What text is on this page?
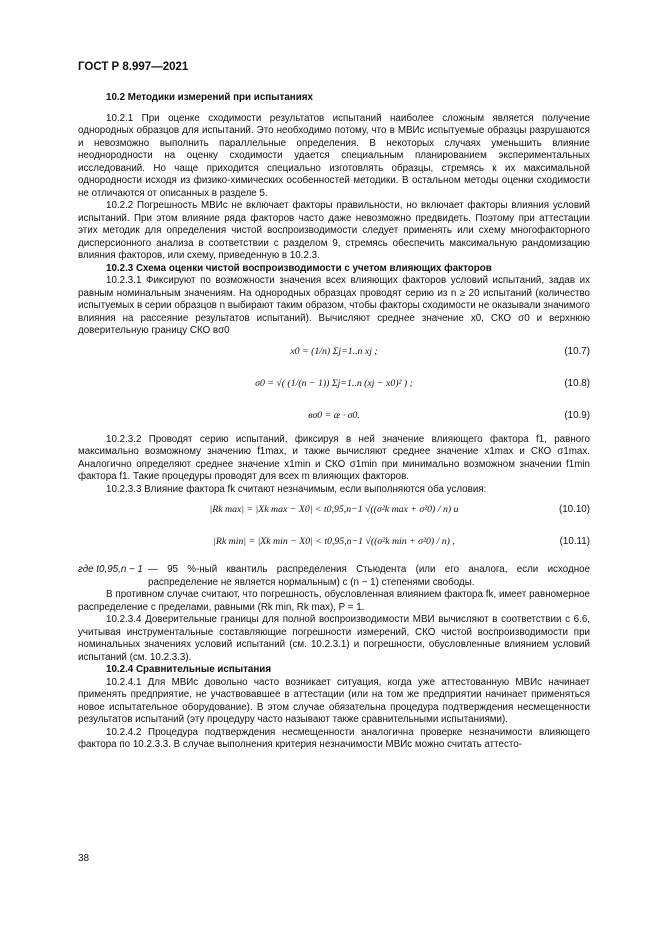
ГОСТ Р 8.997—2021
10.2 Методики измерений при испытаниях

10.2.1 При оценке сходимости результатов испытаний наиболее сложным является получение однородных образцов для испытаний. Это необходимо потому, что в МВИс испытуемые образцы разрушаются и невозможно выполнить параллельные определения. В некоторых случаях уменьшить влияние неоднородности на оценку сходимости удается специальным планированием экспериментальных исследований. Но чаще приходится специально изготовлять образцы, стремясь к их максимальной однородности исходя из физико-химических особенностей методики. В остальном методы оценки сходимости не отличаются от описанных в разделе 5.

10.2.2 Погрешность МВИс не включает факторы правильности, но включает факторы влияния условий испытаний. При этом влияние ряда факторов часто даже невозможно предвидеть. Поэтому при аттестации этих методик для определения чистой воспроизводимости следует применять или схему многофакторного дисперсионного анализа в соответствии с разделом 9, стремясь обеспечить максимальную рандомизацию влияния факторов, или схему, приведенную в 10.2.3.

10.2.3 Схема оценки чистой воспроизводимости с учетом влияющих факторов

10.2.3.1 Фиксируют по возможности значения всех влияющих факторов условий испытаний, задав их равным номинальным значениям. На однородных образцах проводят серию из n ≥ 20 испытаний (количество испытуемых в серии образцов n выбирают таким образом, чтобы факторы сходимости не оказывали значимого влияния на рассеяние результатов испытаний). Вычисляют среднее значение x0, СКО σ0 и верхнюю доверительную границу СКО вσ0

x0 = (1/n) Σj=1..n xj ;	(10.7)
σ0 = √( (1/(n − 1)) Σj=1..n (xj − x0)² ) ;	(10.8)
вσ0 = æ · σ0.	(10.9)

10.2.3.2 Проводят серию испытаний, фиксируя в ней значение влияющего фактора f1, равного максимально возможному значению f1max, и также вычисляют среднее значение x1max и СКО σ1max. Аналогично определяют среднее значение x1min и СКО σ1min при минимально возможном значении f1min фактора f1. Такие процедуры проводят для всех m влияющих факторов.

10.2.3.3 Влияние фактора fk считают незначимым, если выполняются оба условия:

|Rk max| = |Xk max − X0| < t0,95,n−1 √((σ²k max + σ²0) / n) и	(10.10)
|Rk min| = |Xk min − X0| < t0,95,n−1 √((σ²k min + σ²0) / n) ,	(10.11)
где t0,95,n − 1 — 95 %-ный квантиль распределения Стьюдента (или его аналога, если исходное распределение не является нормальным) с (n − 1) степенями свободы.

В противном случае считают, что погрешность, обусловленная влиянием фактора fk, имеет равномерное распределение с пределами, равными (Rk min, Rk max), P = 1.

10.2.3.4 Доверительные границы для полной воспроизводимости МВИ вычисляют в соответствии с 6.6, учитывая инструментальные составляющие погрешности измерений, СКО чистой воспроизводимости при номинальных значениях условий испытаний (см. 10.2.3.1) и погрешности, обусловленные влиянием условий испытаний (см. 10.2.3.3).

10.2.4 Сравнительные испытания

10.2.4.1 Для МВИс довольно часто возникает ситуация, когда уже аттестованную МВИс начинает применять предприятие, не участвовавшее в аттестации (или на том же предприятии начинает применяться новое испытательное оборудование). В этом случае обязательна процедура подтверждения несмещенности результатов испытаний (эту процедуру часто называют также сравнительными испытаниями).

10.2.4.2 Процедура подтверждения несмещенности аналогична проверке незначимости влияющего фактора по 10.2.3.3. В случае выполнения критерия незначимости МВИс можно считать аттесто-

38
